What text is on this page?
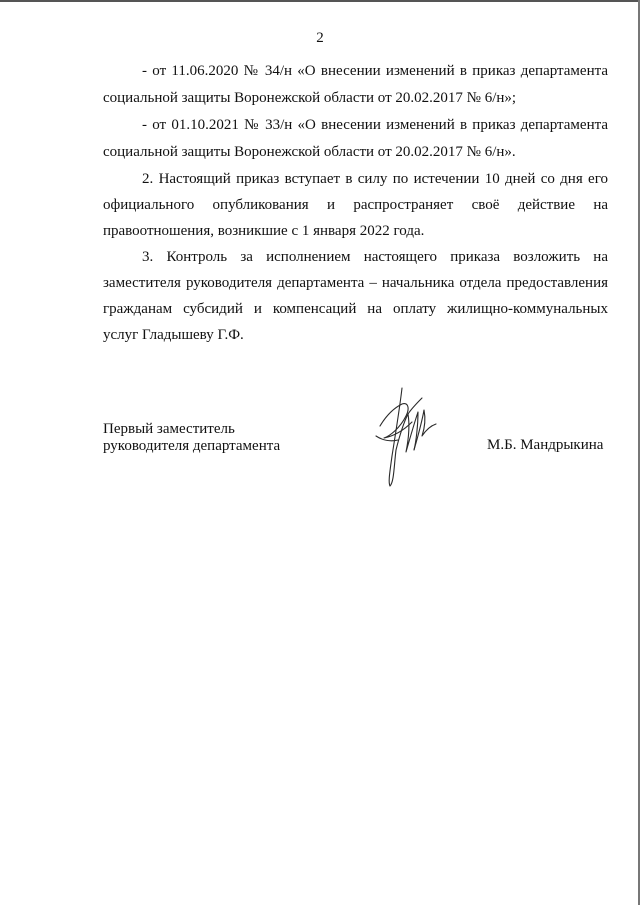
2
- от 11.06.2020 № 34/н «О внесении изменений в приказ департамента
социальной защиты Воронежской области от 20.02.2017 № 6/н»;
- от 01.10.2021 № 33/н «О внесении изменений в приказ департамента
социальной защиты Воронежской области от 20.02.2017 № 6/н».
2. Настоящий приказ вступает в силу по истечении 10 дней со дня его
официального опубликования и распространяет своё действие на
правоотношения, возникшие с 1 января 2022 года.
3. Контроль за исполнением настоящего приказа возложить на
заместителя руководителя департамента – начальника отдела предоставления
гражданам субсидий и компенсаций на оплату жилищно-коммунальных
услуг Гладышеву Г.Ф.
Первый заместитель
руководителя департамента	М.Б. Мандрыкина
